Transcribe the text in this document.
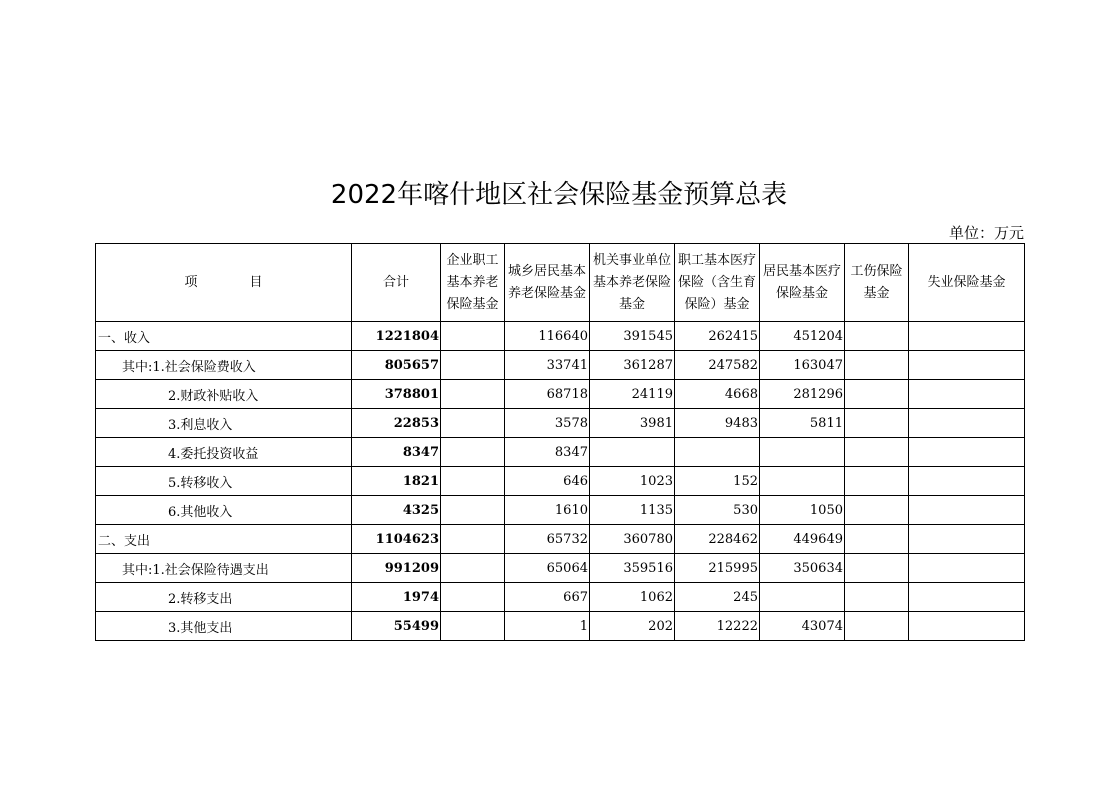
2022年喀什地区社会保险基金预算总表
单位：万元
项　　　　目	合计	企业职工基本养老保险基金	城乡居民基本养老保险基金	机关事业单位基本养老保险基金	职工基本医疗保险（含生育保险）基金	居民基本医疗保险基金	工伤保险基金	失业保险基金
一、收入	1221804		116640	391545	262415	451204		
其中:1.社会保险费收入	805657		33741	361287	247582	163047		
2.财政补贴收入	378801		68718	24119	4668	281296		
3.利息收入	22853		3578	3981	9483	5811		
4.委托投资收益	8347		8347					
5.转移收入	1821		646	1023	152			
6.其他收入	4325		1610	1135	530	1050		
二、支出	1104623		65732	360780	228462	449649		
其中:1.社会保险待遇支出	991209		65064	359516	215995	350634		
2.转移支出	1974		667	1062	245			
3.其他支出	55499		1	202	12222	43074		
